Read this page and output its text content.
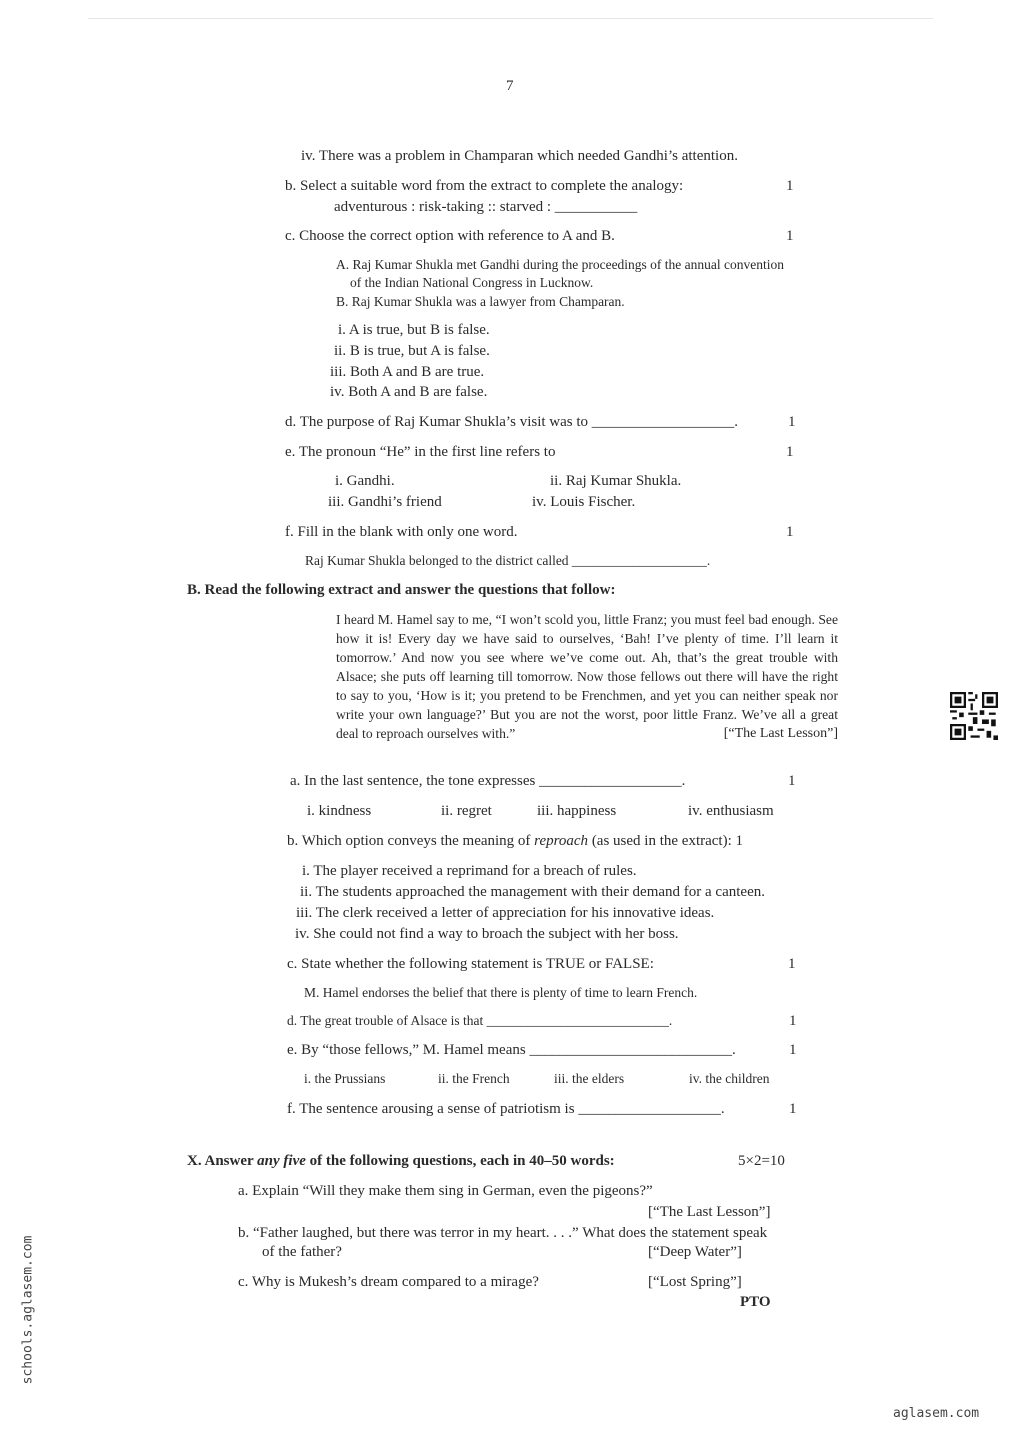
7
iv. There was a problem in Champaran which needed Gandhi’s attention.
b. Select a suitable word from the extract to complete the analogy:	1
adventurous : risk-taking :: starved : ___________
c. Choose the correct option with reference to A and B.	1
A. Raj Kumar Shukla met Gandhi during the proceedings of the annual convention
of the Indian National Congress in Lucknow.
B. Raj Kumar Shukla was a lawyer from Champaran.
i. A is true, but B is false.
ii. B is true, but A is false.
iii. Both A and B are true.
iv. Both A and B are false.
d. The purpose of Raj Kumar Shukla’s visit was to ___________________.	1
e. The pronoun “He” in the first line refers to	1
i. Gandhi.	ii. Raj Kumar Shukla.
iii. Gandhi’s friend	iv. Louis Fischer.
f. Fill in the blank with only one word.	1
Raj Kumar Shukla belonged to the district called ____________________.
B. Read the following extract and answer the questions that follow:
I heard M. Hamel say to me, “I won’t scold you, little Franz; you must feel bad enough. See how it is! Every day we have said to ourselves, ‘Bah! I’ve plenty of time. I’ll learn it tomorrow.’ And now you see where we’ve come out. Ah, that’s the great trouble with Alsace; she puts off learning till tomorrow. Now those fellows out there will have the right to say to you, ‘How is it; you pretend to be Frenchmen, and yet you can neither speak nor write your own language?’ But you are not the worst, poor little Franz. We’ve all a great deal to reproach ourselves with.”	[“The Last Lesson”]
a. In the last sentence, the tone expresses ___________________.	1
i. kindness	ii. regret	iii. happiness	iv. enthusiasm
b. Which option conveys the meaning of reproach (as used in the extract): 1
i. The player received a reprimand for a breach of rules.
ii. The students approached the management with their demand for a canteen.
iii. The clerk received a letter of appreciation for his innovative ideas.
iv. She could not find a way to broach the subject with her boss.
c. State whether the following statement is TRUE or FALSE:	1
M. Hamel endorses the belief that there is plenty of time to learn French.
d. The great trouble of Alsace is that ___________________________.	1
e. By “those fellows,” M. Hamel means ___________________________.	1
i. the Prussians	ii. the French	iii. the elders	iv. the children
f. The sentence arousing a sense of patriotism is ___________________.	1
X. Answer any five of the following questions, each in 40–50 words:	5×2=10
a. Explain “Will they make them sing in German, even the pigeons?”
[“The Last Lesson”]
b. “Father laughed, but there was terror in my heart. . . .” What does the statement speak
of the father?	[“Deep Water”]
c. Why is Mukesh’s dream compared to a mirage?	[“Lost Spring”]
PTO
schools.aglasem.com
aglasem.com
